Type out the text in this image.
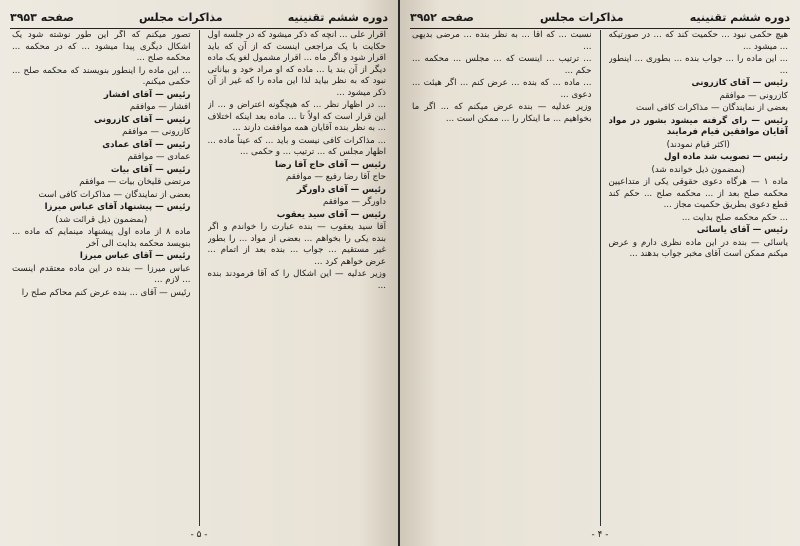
دوره ششم تقنینیه
مذاکرات مجلس
صفحه ۳۹۵۳

اقرار علی ... آنچه که ذکر میشود که در جلسه اول حکایت با یک مراجعی اینست که از آن که باید اقرار شود و اگر ماه ... اقرار مشمول لغو یک ماده دیگر از آن بند یا ... ماده که او مراد خود و بیاناتی نبود که به نظر بیاید لذا این ماده را که غیر از آن ذکر میشود ...

... در اظهار نظر ... که هیچگونه اعتراض و ... از این قرار است که اولاً تا ... ماده بعد اینکه اختلاف ... به نظر بنده آقایان همه موافقت دارند ...

... مذاکرات کافی نیست و باید ... که عیناً ماده ... اظهار مجلس که ... ترتیب ... و حکمی ...

رئیس — آقای حاج آقا رضا

حاج آقا رضا رفیع — موافقم

رئیس — آقای داورگر

داورگر — موافقم

رئیس — آقای سید یعقوب

آقا سید یعقوب — بنده عبارت را خواندم و اگر بنده یکی را بخواهم ... بعضی از مواد ... را بطور غیر مستقیم ... جواب ... بنده بعد از اتمام ... عرض خواهم کرد ...

وزیر عدلیه — این اشکال را که آقا فرمودند بنده ...

تصور میکنم که اگر این طور نوشته شود یک اشکال دیگری پیدا میشود ... که در محکمه ... محکمه صلح ...

... این ماده را اینطور بنویسند که محکمه صلح ... حکمی میکنم.

رئیس — آقای افشار

افشار — موافقم

رئیس — آقای کازرونی

کازرونی — موافقم

رئیس — آقای عمادی

عمادی — موافقم

رئیس — آقای بیات

مرتضی قلیخان بیات — موافقم

بعضی از نمایندگان — مذاکرات کافی است

رئیس — پیشنهاد آقای عباس میرزا

(بمضمون ذیل قرائت شد)

ماده ۸ از ماده اول پیشنهاد مینمایم که ماده ... بنویسد محکمه بدایت الی آخر

رئیس — آقای عباس میرزا

عباس میرزا — بنده در این ماده معتقدم اینست ... لازم ...

رئیس — آقای ... بنده عرض کنم محاکم صلح را

- ۵ -
دوره ششم تقنینیه
مذاکرات مجلس
صفحه ۳۹۵۲

هیچ حکمی نبود ... حکمیت کند که ... در صورتیکه ... میشود ...

... این ماده را ... جواب بنده ... بطوری ... اینطور ...

رئیس — آقای کازرونی

کازرونی — موافقم

بعضی از نمایندگان — مذاکرات کافی است

رئیس — رای گرفته میشود بشور در مواد آقایان موافقین قیام فرمایند

(اکثر قیام نمودند)

رئیس — تصویب شد ماده اول

(بمضمون ذیل خوانده شد)

ماده ۱ — هرگاه دعوی حقوقی یکی از متداعیین محکمه صلح بعد از ... محکمه صلح ... حکم کند قطع دعوی بطریق حکمیت مجاز ...

... حکم محکمه صلح بدایت ...

رئیس — آقای یاسائی

یاسائی — بنده در این ماده نظری دارم و عرض میکنم ممکن است آقای مخبر جواب بدهند ...

نسبت ... که آقا ... به نظر بنده ... مرضی بدیهی ...

... ترتیب ... اینست که ... مجلس ... محکمه ... حکم ...

... ماده ... که بنده ... عرض کنم ... اگر هیئت ... دعوی ...

وزیر عدلیه — بنده عرض میکنم که ... اگر ما بخواهیم ... ما اینکار را ... ممکن است ...

- ۴ -
